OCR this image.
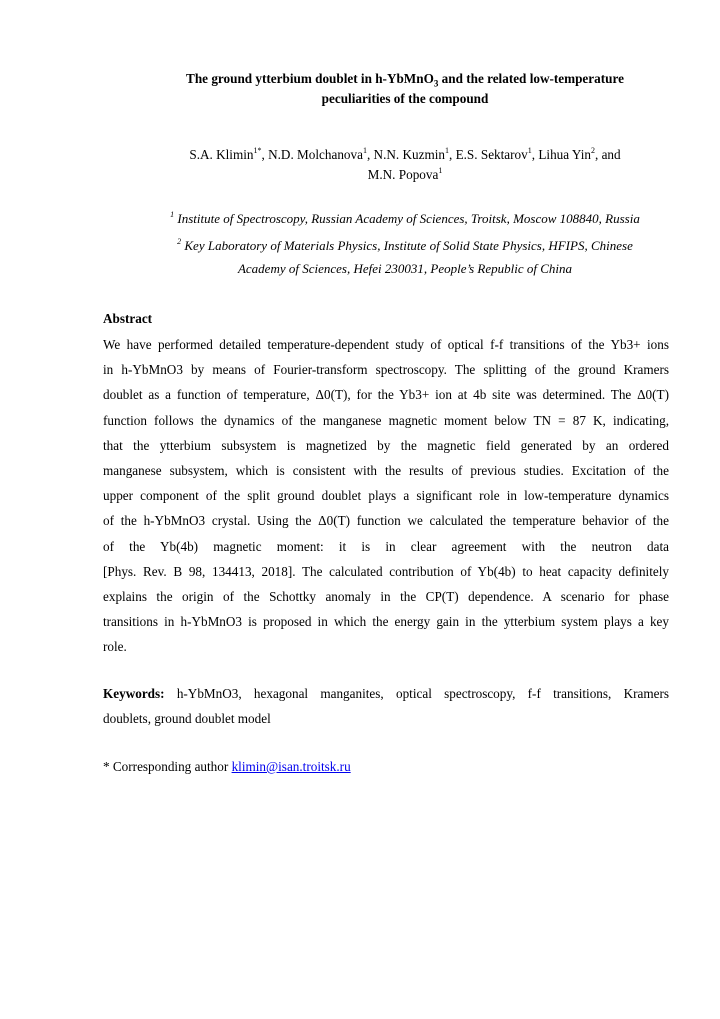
The ground ytterbium doublet in h-YbMnO$_3$ and the related low-temperature
peculiarities of the compound
S.A. Klimin$^{1*}$, N.D. Molchanova$^1$, N.N. Kuzmin$^1$, E.S. Sektarov$^1$, Lihua Yin$^2$, and
M.N. Popova$^1$
$^1$ Institute of Spectroscopy, Russian Academy of Sciences, Troitsk, Moscow 108840, Russia
$^2$ Key Laboratory of Materials Physics, Institute of Solid State Physics, HFIPS, Chinese
Academy of Sciences, Hefei 230031, People’s Republic of China
Abstract
We have performed detailed temperature-dependent study of optical f-f transitions of the Yb3+ ions
in h-YbMnO3 by means of Fourier-transform spectroscopy. The splitting of the ground Kramers
doublet as a function of temperature, Δ0(T), for the Yb3+ ion at 4b site was determined. The Δ0(T)
function follows the dynamics of the manganese magnetic moment below TN = 87 K, indicating,
that the ytterbium subsystem is magnetized by the magnetic field generated by an ordered
manganese subsystem, which is consistent with the results of previous studies. Excitation of the
upper component of the split ground doublet plays a significant role in low-temperature dynamics
of the h-YbMnO3 crystal. Using the Δ0(T) function we calculated the temperature behavior of the
of the Yb(4b) magnetic moment: it is in clear agreement with the neutron data
[Phys. Rev. B 98, 134413, 2018]. The calculated contribution of Yb(4b) to heat capacity definitely
explains the origin of the Schottky anomaly in the CP(T) dependence. A scenario for phase
transitions in h-YbMnO3 is proposed in which the energy gain in the ytterbium system plays a key
role.
Keywords: h-YbMnO3, hexagonal manganites, optical spectroscopy, f-f transitions, Kramers
doublets, ground doublet model
* Corresponding author klimin@isan.troitsk.ru
